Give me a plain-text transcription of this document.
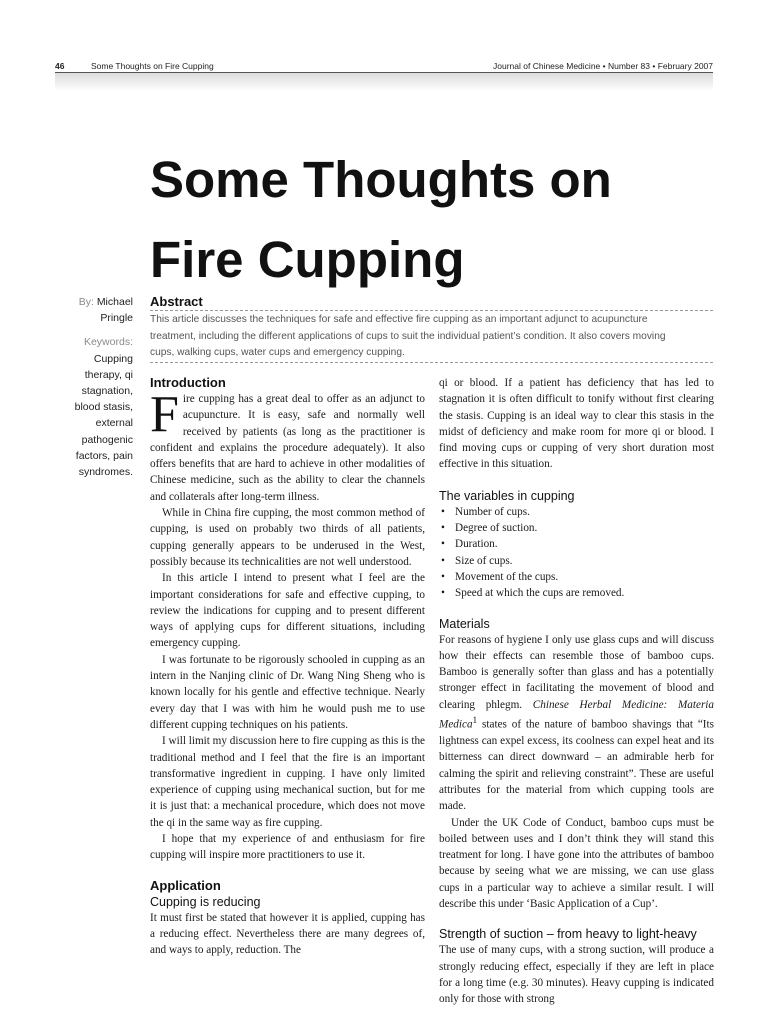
46	Some Thoughts on Fire Cupping	Journal of Chinese Medicine • Number 83 • February 2007
Some Thoughts on
Fire Cupping
By: Michael
Pringle
Keywords:
Cupping
therapy, qi
stagnation,
blood stasis,
external
pathogenic
factors, pain
syndromes.
Abstract
This article discusses the techniques for safe and effective fire cupping as an important adjunct to acupuncture
treatment, including the different applications of cups to suit the individual patient’s condition. It also covers moving
cups, walking cups, water cups and emergency cupping.
Introduction

Fire cupping has a great deal to offer as an adjunct to acupuncture. It is easy, safe and normally well received by patients (as long as the practitioner is confident and explains the procedure adequately). It also offers benefits that are hard to achieve in other modalities of Chinese medicine, such as the ability to clear the channels and collaterals after long-term illness.

While in China fire cupping, the most common method of cupping, is used on probably two thirds of all patients, cupping generally appears to be underused in the West, possibly because its technicalities are not well understood.

In this article I intend to present what I feel are the important considerations for safe and effective cupping, to review the indications for cupping and to present different ways of applying cups for different situations, including emergency cupping.

I was fortunate to be rigorously schooled in cupping as an intern in the Nanjing clinic of Dr. Wang Ning Sheng who is known locally for his gentle and effective technique. Nearly every day that I was with him he would push me to use different cupping techniques on his patients.

I will limit my discussion here to fire cupping as this is the traditional method and I feel that the fire is an important transformative ingredient in cupping. I have only limited experience of cupping using mechanical suction, but for me it is just that: a mechanical procedure, which does not move the qi in the same way as fire cupping.

I hope that my experience of and enthusiasm for fire cupping will inspire more practitioners to use it.

Application
Cupping is reducing

It must first be stated that however it is applied, cupping has a reducing effect. Nevertheless there are many degrees of, and ways to apply, reduction. The

qi or blood. If a patient has deficiency that has led to stagnation it is often difficult to tonify without first clearing the stasis. Cupping is an ideal way to clear this stasis in the midst of deficiency and make room for more qi or blood. I find moving cups or cupping of very short duration most effective in this situation.

The variables in cupping
• Number of cups.
• Degree of suction.
• Duration.
• Size of cups.
• Movement of the cups.
• Speed at which the cups are removed.
Materials

For reasons of hygiene I only use glass cups and will discuss how their effects can resemble those of bamboo cups. Bamboo is generally softer than glass and has a potentially stronger effect in facilitating the movement of blood and clearing phlegm. Chinese Herbal Medicine: Materia Medica$^1$ states of the nature of bamboo shavings that “Its lightness can expel excess, its coolness can expel heat and its bitterness can direct downward – an admirable herb for calming the spirit and relieving constraint”. These are useful attributes for the material from which cupping tools are made.

Under the UK Code of Conduct, bamboo cups must be boiled between uses and I don’t think they will stand this treatment for long. I have gone into the attributes of bamboo because by seeing what we are missing, we can use glass cups in a particular way to achieve a similar result. I will describe this under ‘Basic Application of a Cup’.

Strength of suction – from heavy to light-heavy

The use of many cups, with a strong suction, will produce a strongly reducing effect, especially if they are left in place for a long time (e.g. 30 minutes). Heavy cupping is indicated only for those with strong
